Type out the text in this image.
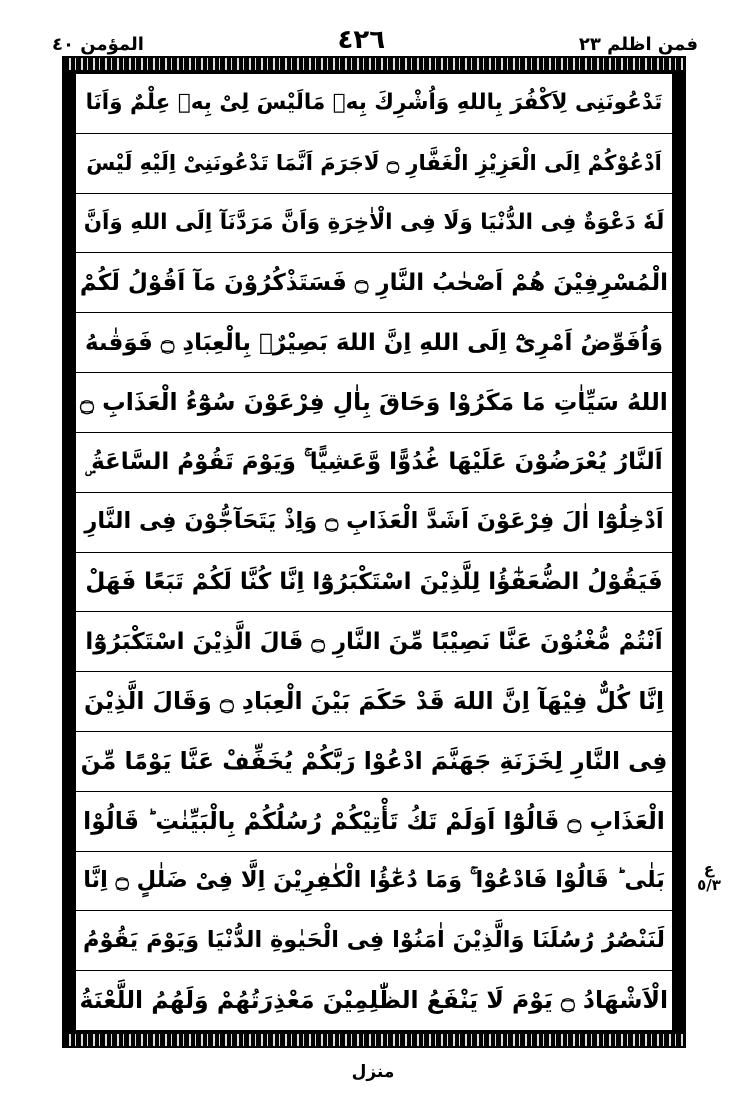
المؤمن ٤٠	٤٢٦	فمن اظلم ٢٣
تَدْعُونَنِى لِاَكْفُرَ بِاللهِ وَاُشْرِكَ بِهٖ مَالَيْسَ لِىْ بِهٖ عِلْمٌ وَاَنَا
اَدْعُوْكُمْ اِلَى الْعَزِيْزِ الْغَفَّارِ ۝ لَاجَرَمَ اَنَّمَا تَدْعُونَنِىْ اِلَيْهِ لَيْسَ
لَهٗ دَعْوَةٌ فِى الدُّنْيَا وَلَا فِى الْاٰخِرَةِ وَاَنَّ مَرَدَّنَآ اِلَى اللهِ وَاَنَّ
الْمُسْرِفِيْنَ هُمْ اَصْحٰبُ النَّارِ ۝ فَسَتَذْكُرُوْنَ مَآ اَقُوْلُ لَكُمْ
وَاُفَوِّضُ اَمْرِىْٓ اِلَى اللهِ اِنَّ اللهَ بَصِيْرٌۢ بِالْعِبَادِ ۝ فَوَقٰىهُ
اللهُ سَيِّاٰتِ مَا مَكَرُوْا وَحَاقَ بِاٰلِ فِرْعَوْنَ سُوْٓءُ الْعَذَابِ ۝
اَلنَّارُ يُعْرَضُوْنَ عَلَيْهَا غُدُوًّا وَّعَشِيًّا ۚ وَيَوْمَ تَقُوْمُ السَّاعَةُ ۣ
اَدْخِلُوْٓا اٰلَ فِرْعَوْنَ اَشَدَّ الْعَذَابِ ۝ وَاِذْ يَتَحَآجُّوْنَ فِى النَّارِ
فَيَقُوْلُ الضُّعَفٰٓؤُا لِلَّذِيْنَ اسْتَكْبَرُوْٓا اِنَّا كُنَّا لَكُمْ تَبَعًا فَهَلْ
اَنْتُمْ مُّغْنُوْنَ عَنَّا نَصِيْبًا مِّنَ النَّارِ ۝ قَالَ الَّذِيْنَ اسْتَكْبَرُوْٓا
اِنَّا كُلٌّ فِيْهَآ اِنَّ اللهَ قَدْ حَكَمَ بَيْنَ الْعِبَادِ ۝ وَقَالَ الَّذِيْنَ
فِى النَّارِ لِخَزَنَةِ جَهَنَّمَ ادْعُوْا رَبَّكُمْ يُخَفِّفْ عَنَّا يَوْمًا مِّنَ
الْعَذَابِ ۝ قَالُوْٓا اَوَلَمْ تَكُ تَأْتِيْكُمْ رُسُلُكُمْ بِالْبَيِّنٰتِ ؕ قَالُوْا
بَلٰى ؕ قَالُوْا فَادْعُوْا ۚ وَمَا دُعٰٓؤُا الْكٰفِرِيْنَ اِلَّا فِىْ ضَلٰلٍ ۝ اِنَّا
لَنَنْصُرُ رُسُلَنَا وَالَّذِيْنَ اٰمَنُوْا فِى الْحَيٰوةِ الدُّنْيَا وَيَوْمَ يَقُوْمُ
الْاَشْهَادُ ۝ يَوْمَ لَا يَنْفَعُ الظّٰلِمِيْنَ مَعْذِرَتُهُمْ وَلَهُمُ اللَّعْنَةُ
ع
٥/٣
منزل
